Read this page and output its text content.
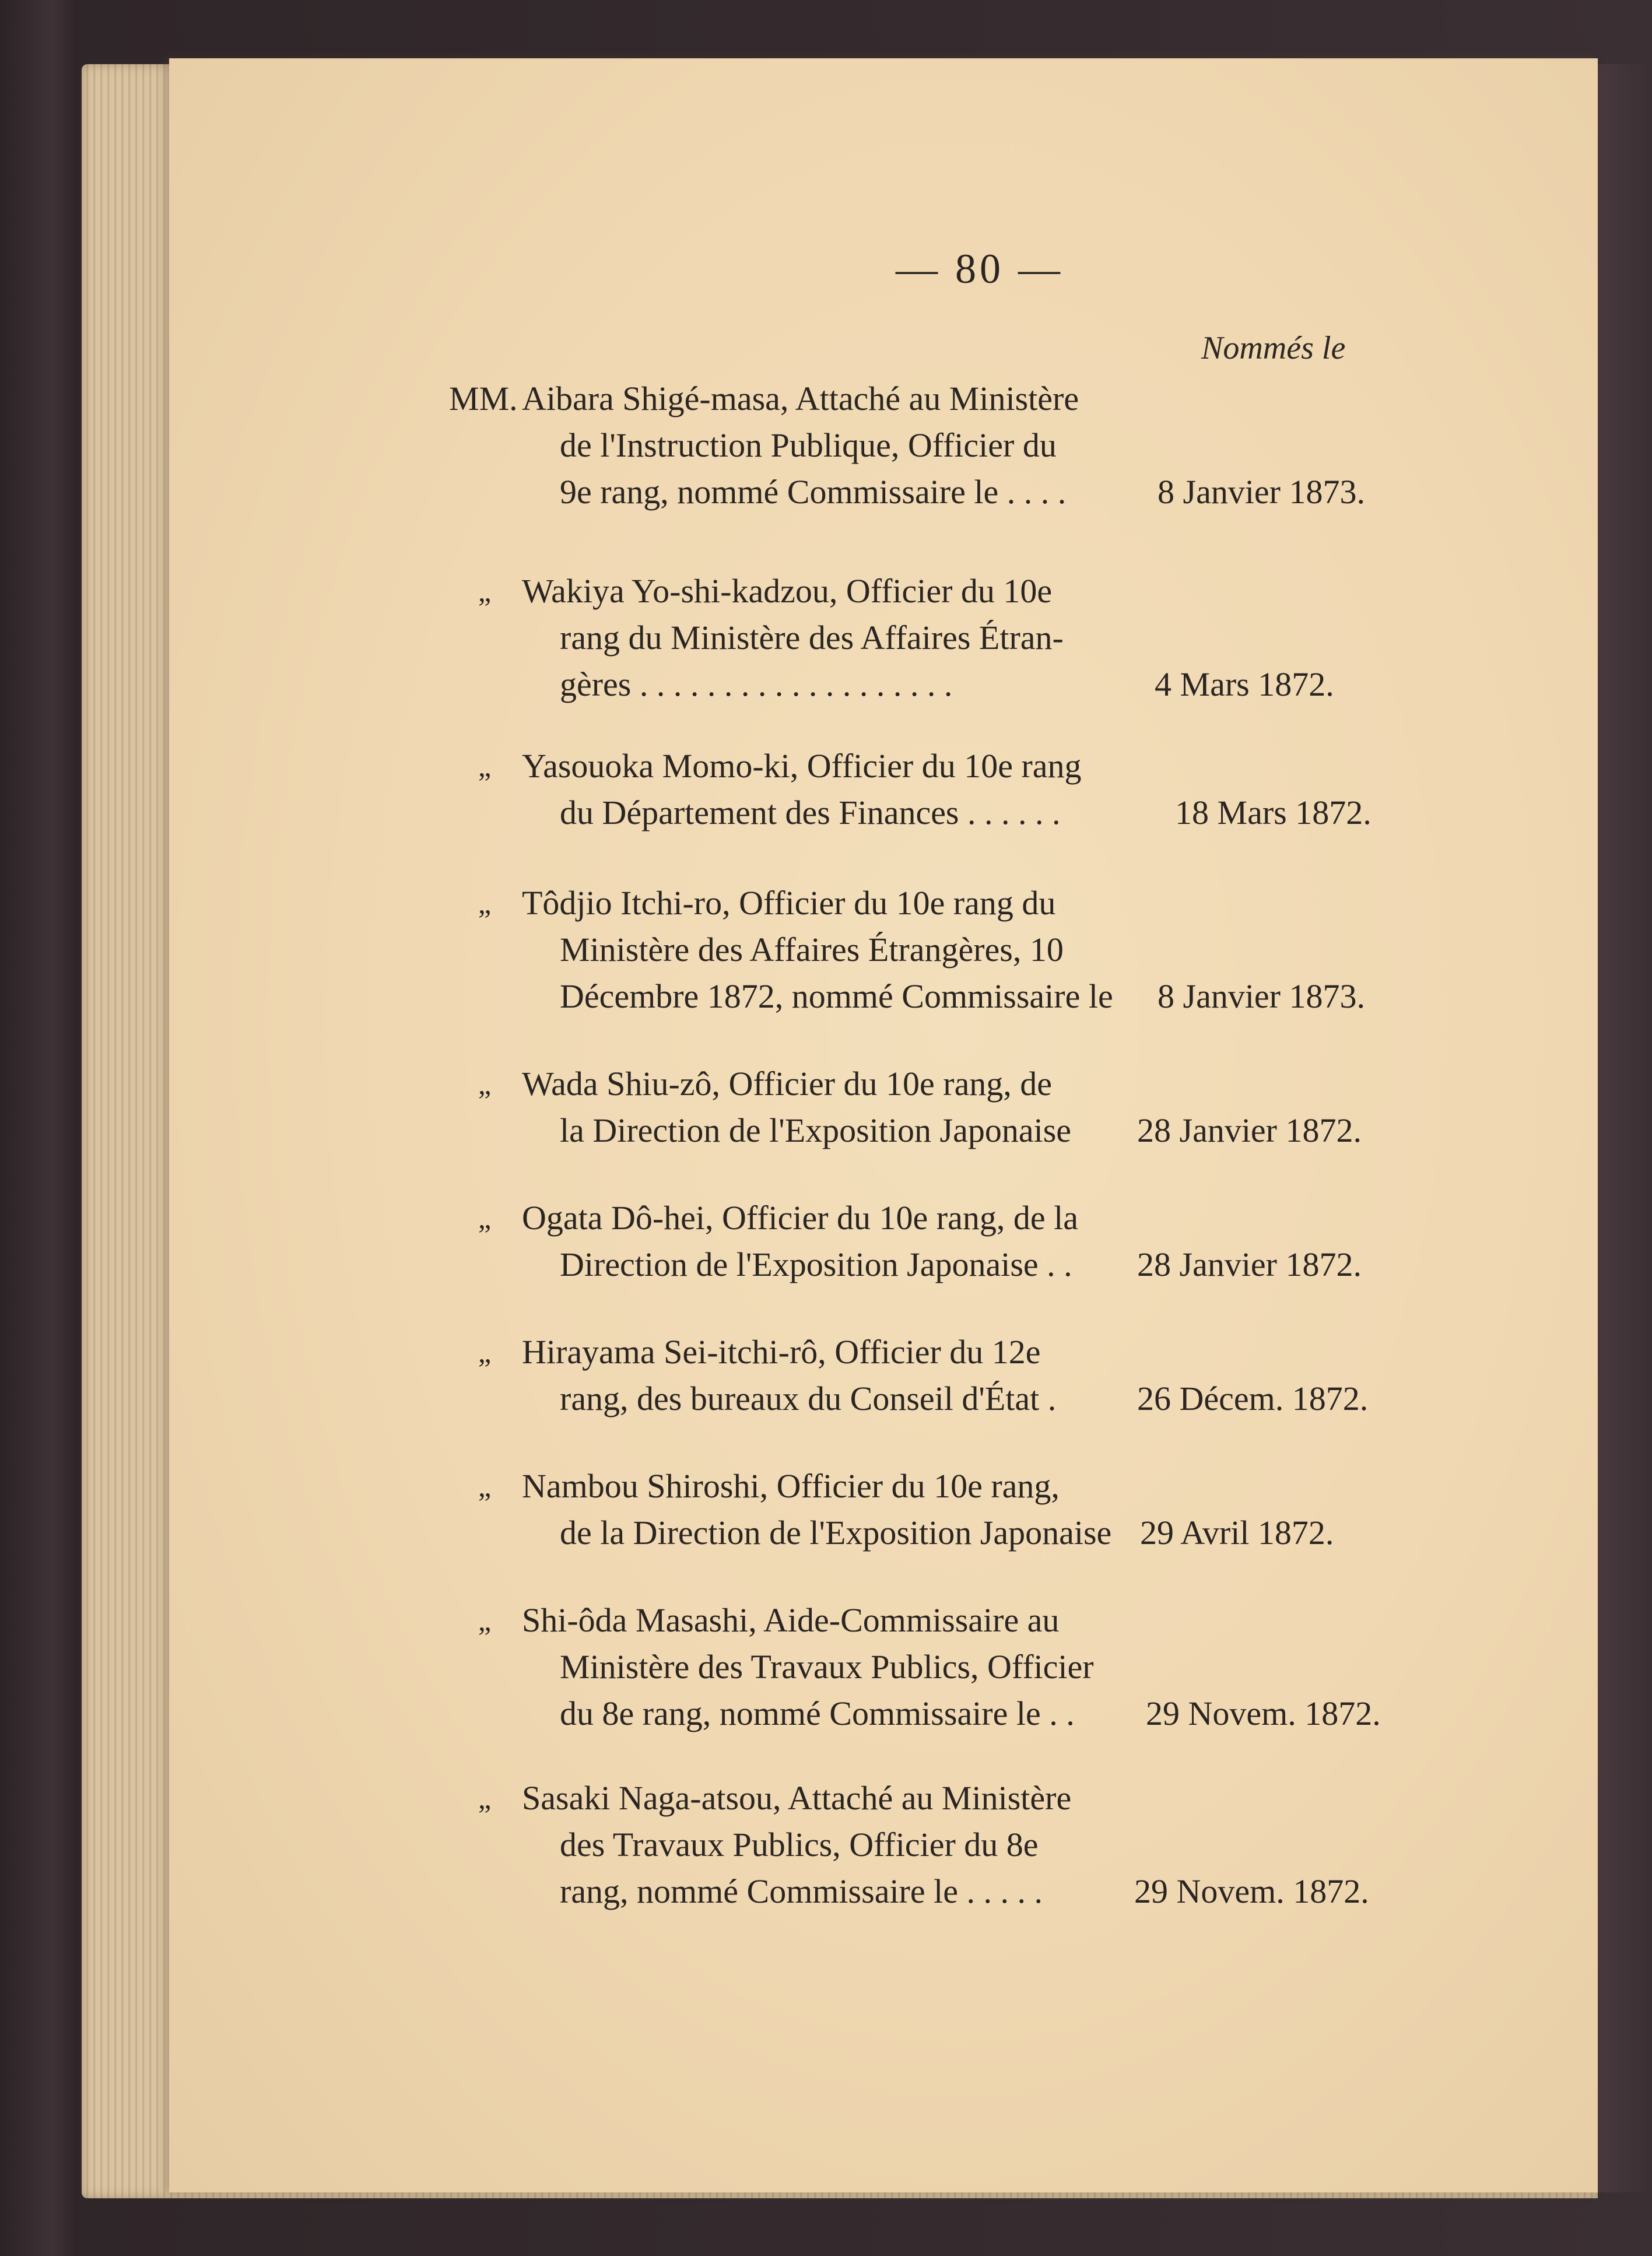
— 80 —
Nommés le
MM. Aibara Shigé-masa, Attaché au Ministère
de l'Instruction Publique, Officier du
9e rang, nommé Commissaire le . . . .	8 Janvier 1873.
„ Wakiya Yo-shi-kadzou, Officier du 10e
rang du Ministère des Affaires Étran-
gères . . . . . . . . . . . . . . . . . . .	4 Mars 1872.
„ Yasouoka Momo-ki, Officier du 10e rang
du Département des Finances . . . . . .	18 Mars 1872.
„ Tôdjio Itchi-ro, Officier du 10e rang du
Ministère des Affaires Étrangères, 10
Décembre 1872, nommé Commissaire le	8 Janvier 1873.
„ Wada Shiu-zô, Officier du 10e rang, de
la Direction de l'Exposition Japonaise	28 Janvier 1872.
„ Ogata Dô-hei, Officier du 10e rang, de la
Direction de l'Exposition Japonaise . .	28 Janvier 1872.
„ Hirayama Sei-itchi-rô, Officier du 12e
rang, des bureaux du Conseil d'État .	26 Décem. 1872.
„ Nambou Shiroshi, Officier du 10e rang,
de la Direction de l'Exposition Japonaise 29 Avril 1872.
„ Shi-ôda Masashi, Aide-Commissaire au
Ministère des Travaux Publics, Officier
du 8e rang, nommé Commissaire le . .	29 Novem. 1872.
„ Sasaki Naga-atsou, Attaché au Ministère
des Travaux Publics, Officier du 8e
rang, nommé Commissaire le . . . . .	29 Novem. 1872.
